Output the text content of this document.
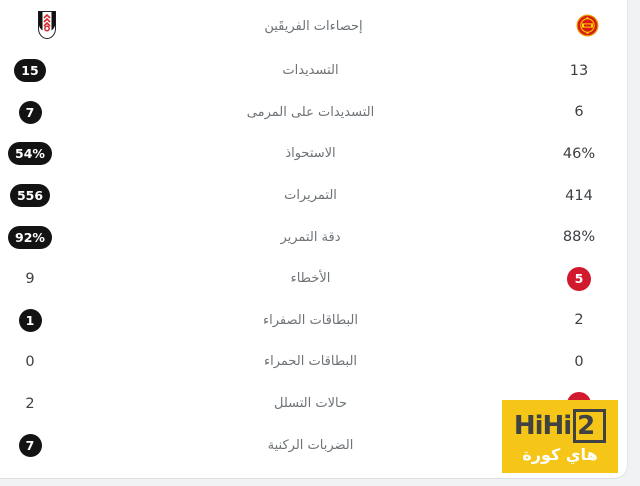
إحصاءات الفريقَين
15	التسديدات	13
7	التسديدات على المرمى	6
54%	الاستحواذ	46%
556	التمريرات	414
92%	دقة التمرير	88%
9	الأخطاء	5
1	البطاقات الصفراء	2
0	البطاقات الحمراء	0
2	حالات التسلل
7	الضربات الركنية
HiHi 2
هاي كورة
